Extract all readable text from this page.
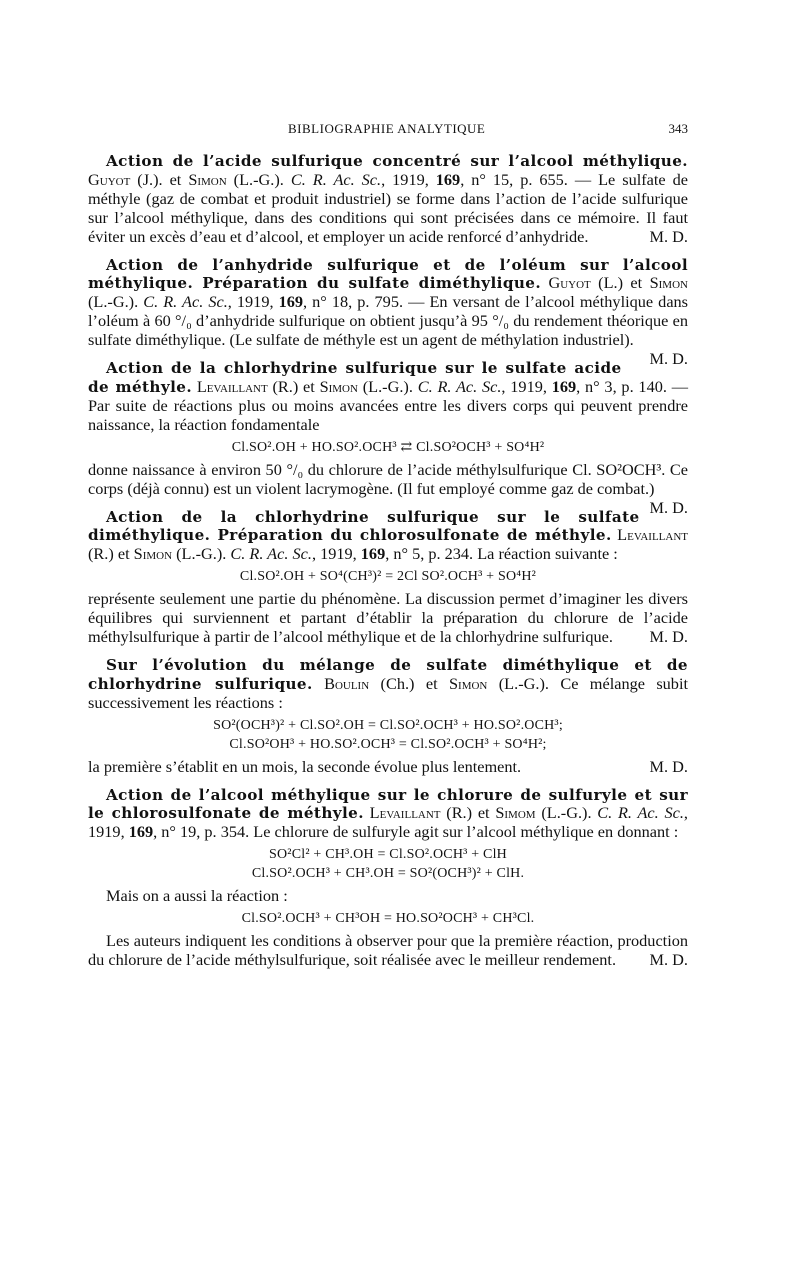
BIBLIOGRAPHIE ANALYTIQUE	343

Action de l’acide sulfurique concentré sur l’alcool méthylique. Guyot (J.). et Simon (L.-G.). C. R. Ac. Sc., 1919, 169, n° 15, p. 655. — Le sulfate de méthyle (gaz de combat et produit industriel) se forme dans l’action de l’acide sulfurique sur l’alcool méthylique, dans des conditions qui sont précisées dans ce mémoire. Il faut éviter un excès d’eau et d’alcool, et employer un acide renforcé d’anhydride.	M. D.

Action de l’anhydride sulfurique et de l’oléum sur l’alcool méthylique. Préparation du sulfate diméthylique. Guyot (L.) et Simon (L.-G.). C. R. Ac. Sc., 1919, 169, n° 18, p. 795. — En versant de l’alcool méthylique dans l’oléum à 60 °/₀ d’anhydride sulfurique on obtient jusqu’à 95 °/₀ du rendement théorique en sulfate diméthylique. (Le sulfate de méthyle est un agent de méthylation industriel).
M. D.

Action de la chlorhydrine sulfurique sur le sulfate acide de méthyle. Levaillant (R.) et Simon (L.-G.). C. R. Ac. Sc., 1919, 169, n° 3, p. 140. — Par suite de réactions plus ou moins avancées entre les divers corps qui peuvent prendre naissance, la réaction fondamentale

Cl.SO².OH + HO.SO².OCH³ ⇄ Cl.SO²OCH³ + SO⁴H²

donne naissance à environ 50 °/₀ du chlorure de l’acide méthylsulfurique Cl. SO²OCH³. Ce corps (déjà connu) est un violent lacrymogène. (Il fut employé comme gaz de combat.)
M. D.

Action de la chlorhydrine sulfurique sur le sulfate diméthylique. Préparation du chlorosulfonate de méthyle. Levaillant (R.) et Simon (L.-G.). C. R. Ac. Sc., 1919, 169, n° 5, p. 234. La réaction suivante :

Cl.SO².OH + SO⁴(CH³)² = 2Cl SO².OCH³ + SO⁴H²

représente seulement une partie du phénomène. La discussion permet d’imaginer les divers équilibres qui surviennent et partant d’établir la préparation du chlorure de l’acide méthylsulfurique à partir de l’alcool méthylique et de la chlorhydrine sulfurique.	M. D.

Sur l’évolution du mélange de sulfate diméthylique et de chlorhydrine sulfurique. Boulin (Ch.) et Simon (L.-G.). Ce mélange subit successivement les réactions :

SO²(OCH³)² + Cl.SO².OH = Cl.SO².OCH³ + HO.SO².OCH³;
Cl.SO²OH³ + HO.SO².OCH³ = Cl.SO².OCH³ + SO⁴H²;

la première s’établit en un mois, la seconde évolue plus lentement.	M. D.

Action de l’alcool méthylique sur le chlorure de sulfuryle et sur le chlorosulfonate de méthyle. Levaillant (R.) et Simom (L.-G.). C. R. Ac. Sc., 1919, 169, n° 19, p. 354. Le chlorure de sulfuryle agit sur l’alcool méthylique en donnant :

SO²Cl² + CH³.OH = Cl.SO².OCH³ + ClH
Cl.SO².OCH³ + CH³.OH = SO²(OCH³)² + ClH.

Mais on a aussi la réaction :

Cl.SO².OCH³ + CH³OH = HO.SO²OCH³ + CH³Cl.

Les auteurs indiquent les conditions à observer pour que la première réaction, production du chlorure de l’acide méthylsulfurique, soit réalisée avec le meilleur rendement.	M. D.
